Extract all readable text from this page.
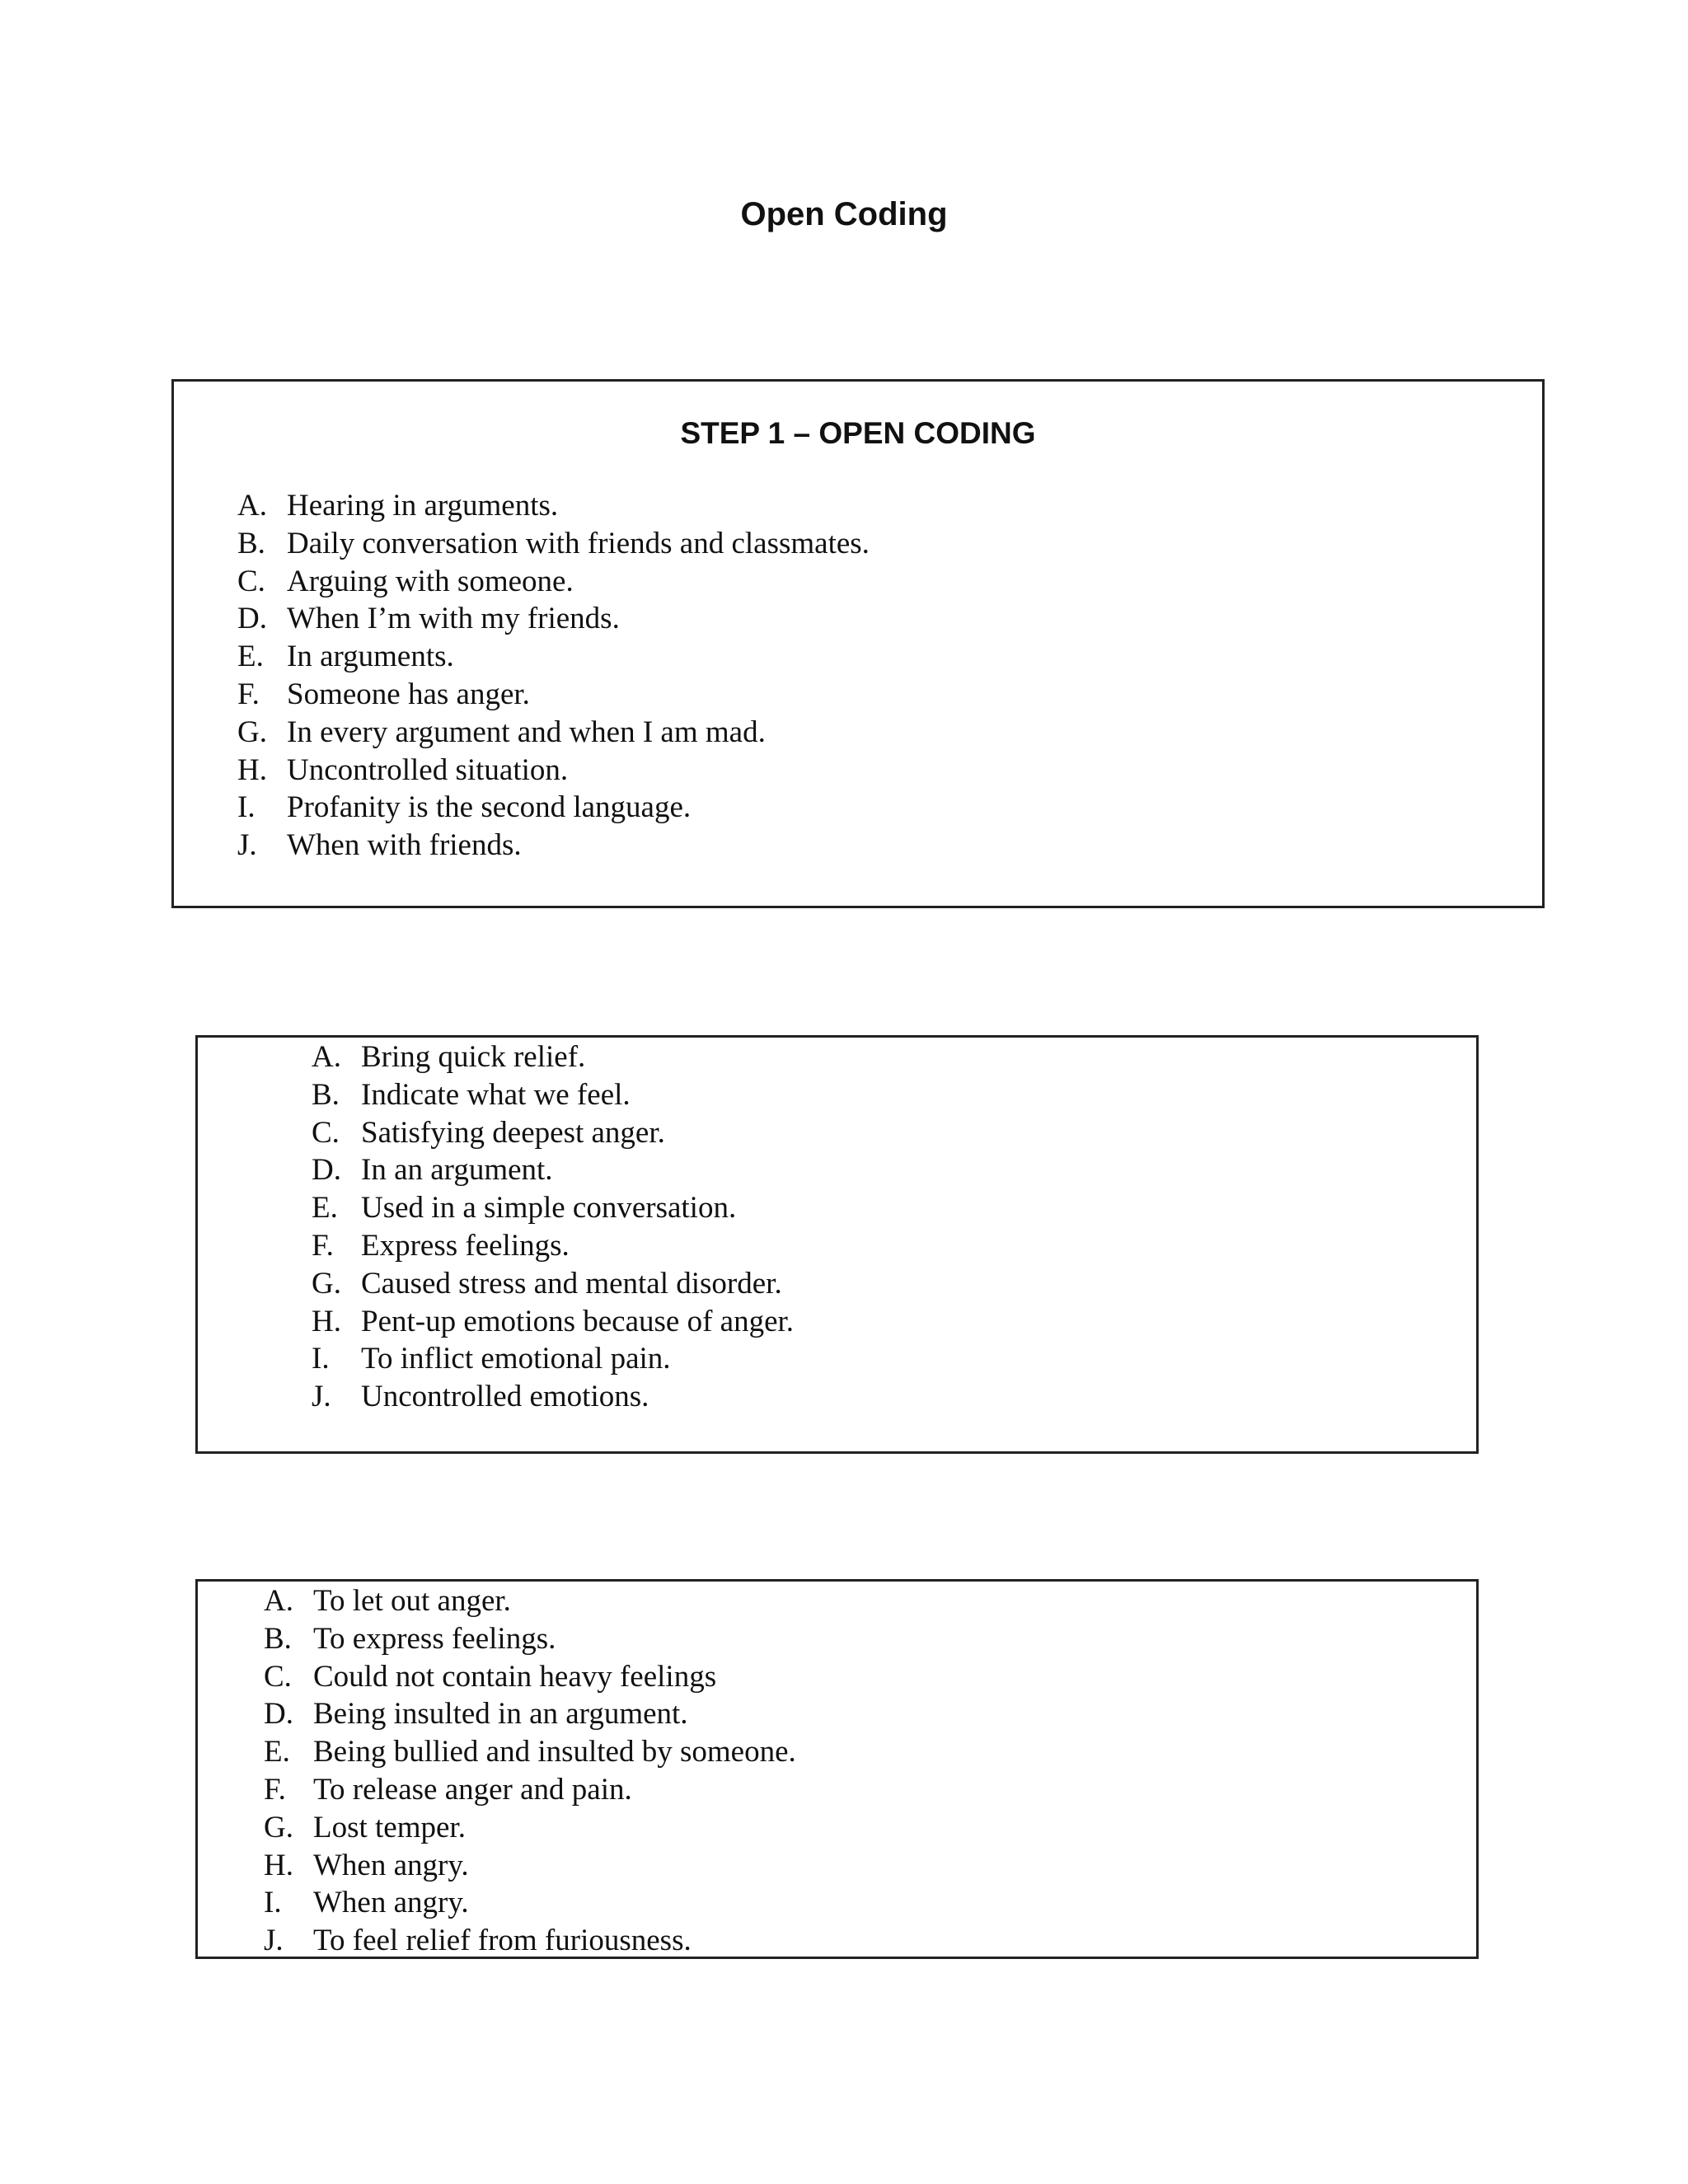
Open Coding
STEP 1 – OPEN CODING
A. Hearing in arguments.
B. Daily conversation with friends and classmates.
C. Arguing with someone.
D. When I’m with my friends.
E. In arguments.
F. Someone has anger.
G. In every argument and when I am mad.
H. Uncontrolled situation.
I.	Profanity is the second language.
J. When with friends.
A. Bring quick relief.
B. Indicate what we feel.
C. Satisfying deepest anger.
D. In an argument.
E. Used in a simple conversation.
F. Express feelings.
G. Caused stress and mental disorder.
H. Pent-up emotions because of anger.
I.	To inflict emotional pain.
J. Uncontrolled emotions.
A. To let out anger.
B. To express feelings.
C. Could not contain heavy feelings
D. Being insulted in an argument.
E. Being bullied and insulted by someone.
F. To release anger and pain.
G. Lost temper.
H. When angry.
I.	When angry.
J. To feel relief from furiousness.
